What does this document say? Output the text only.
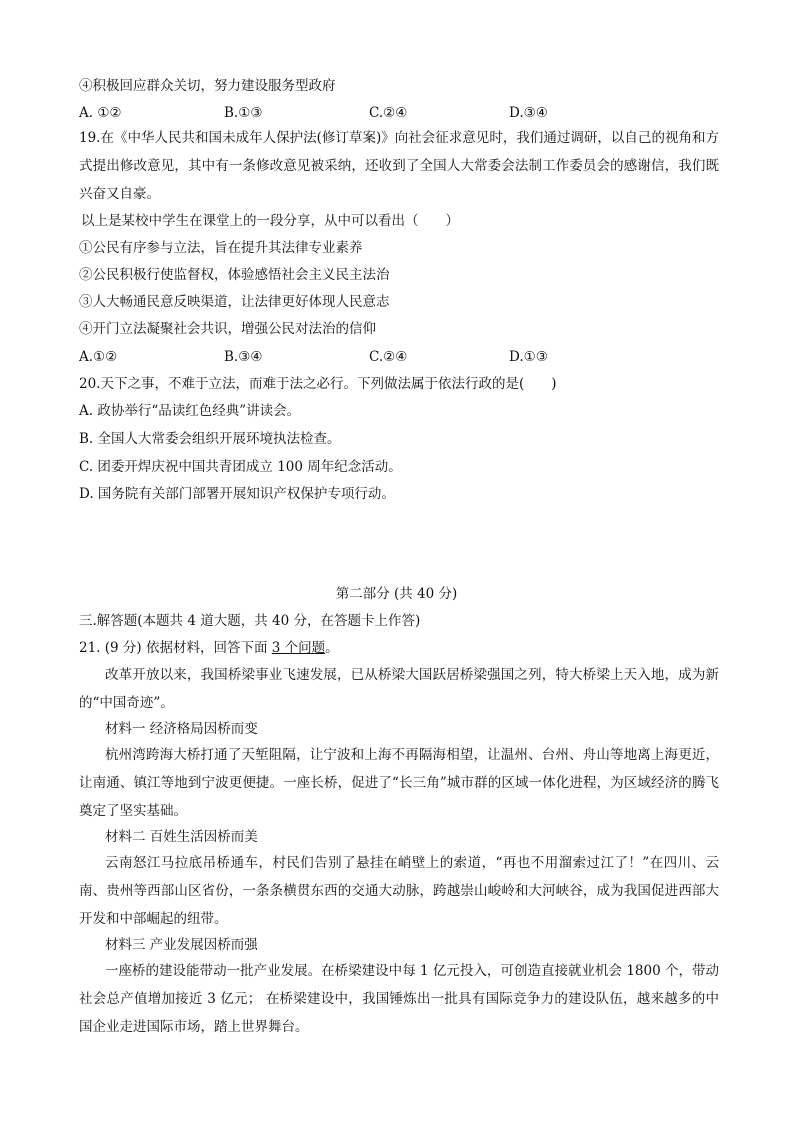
④积极回应群众关切，努力建设服务型政府
A. ①②	B.①③	C.②④	D.③④
19.在《中华人民共和国未成年人保护法(修订草案)》向社会征求意见时，我们通过调研，以自己的视角和方式提出修改意见，其中有一条修改意见被采纳，还收到了全国人大常委会法制工作委员会的感谢信，我们既兴奋又自豪。
以上是某校中学生在课堂上的一段分享，从中可以看出（　　）
①公民有序参与立法，旨在提升其法律专业素养
②公民积极行使监督权，体验感悟社会主义民主法治
③人大畅通民意反映渠道，让法律更好体现人民意志
④开门立法凝聚社会共识，增强公民对法治的信仰
A.①②	B.③④	C.②④	D.①③
20.天下之事，不难于立法，而难于法之必行。下列做法属于依法行政的是(　　)
A. 政协举行“品读红色经典”讲读会。
B. 全国人大常委会组织开展环境执法检查。
C. 团委开焊庆祝中国共青团成立 100 周年纪念活动。
D. 国务院有关部门部署开展知识产权保护专项行动。
第二部分 (共 40 分)
三.解答题(本题共 4 道大题，共 40 分，在答题卡上作答)
21. (9 分) 依据材料，回答下面 3 个问题。
改革开放以来，我国桥梁事业飞速发展，已从桥梁大国跃居桥梁强国之列，特大桥梁上天入地，成为新的“中国奇迹”。
材料一 经济格局因桥而变
杭州湾跨海大桥打通了天堑阻隔，让宁波和上海不再隔海相望，让温州、台州、舟山等地离上海更近，让南通、镇江等地到宁波更便捷。一座长桥，促进了“长三角”城市群的区域一体化进程，为区域经济的腾飞奠定了坚实基础。
材料二 百姓生活因桥而美
云南怒江马拉底吊桥通车，村民们告别了悬挂在峭壁上的索道，“再也不用溜索过江了！”在四川、云南、贵州等西部山区省份，一条条横贯东西的交通大动脉，跨越崇山峻岭和大河峡谷，成为我国促进西部大开发和中部崛起的纽带。
材料三 产业发展因桥而强
一座桥的建设能带动一批产业发展。在桥梁建设中每 1 亿元投入，可创造直接就业机会 1800 个，带动社会总产值增加接近 3 亿元； 在桥梁建设中，我国锤炼出一批具有国际竞争力的建设队伍，越来越多的中国企业走进国际市场，踏上世界舞台。
